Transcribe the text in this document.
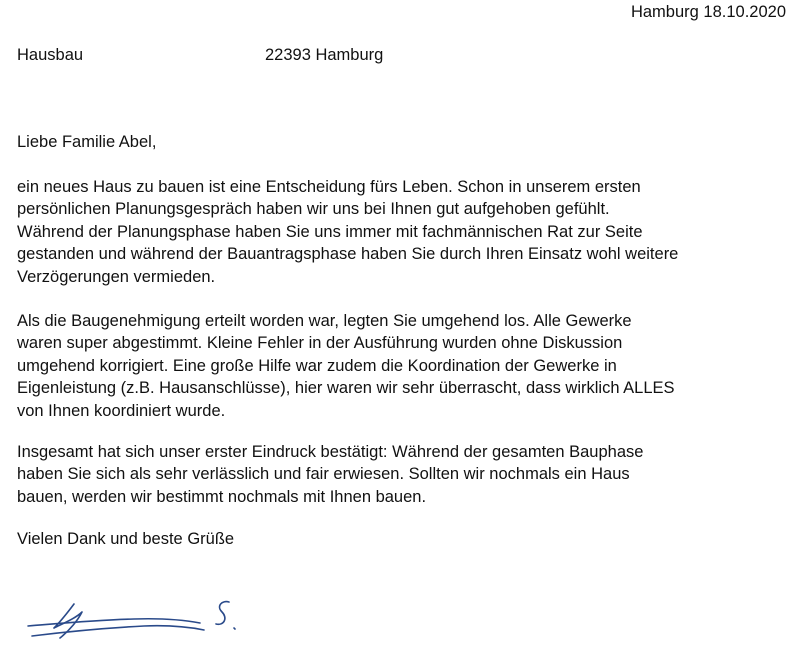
Hamburg 18.10.2020
Hausbau	22393 Hamburg
Liebe Familie Abel,
ein neues Haus zu bauen ist eine Entscheidung fürs Leben. Schon in unserem ersten
persönlichen Planungsgespräch haben wir uns bei Ihnen gut aufgehoben gefühlt.
Während der Planungsphase haben Sie uns immer mit fachmännischen Rat zur Seite
gestanden und während der Bauantragsphase haben Sie durch Ihren Einsatz wohl weitere
Verzögerungen vermieden.
Als die Baugenehmigung erteilt worden war, legten Sie umgehend los. Alle Gewerke
waren super abgestimmt. Kleine Fehler in der Ausführung wurden ohne Diskussion
umgehend korrigiert. Eine große Hilfe war zudem die Koordination der Gewerke in
Eigenleistung (z.B. Hausanschlüsse), hier waren wir sehr überrascht, dass wirklich ALLES
von Ihnen koordiniert wurde.
Insgesamt hat sich unser erster Eindruck bestätigt: Während der gesamten Bauphase
haben Sie sich als sehr verlässlich und fair erwiesen. Sollten wir nochmals ein Haus
bauen, werden wir bestimmt nochmals mit Ihnen bauen.
Vielen Dank und beste Grüße
